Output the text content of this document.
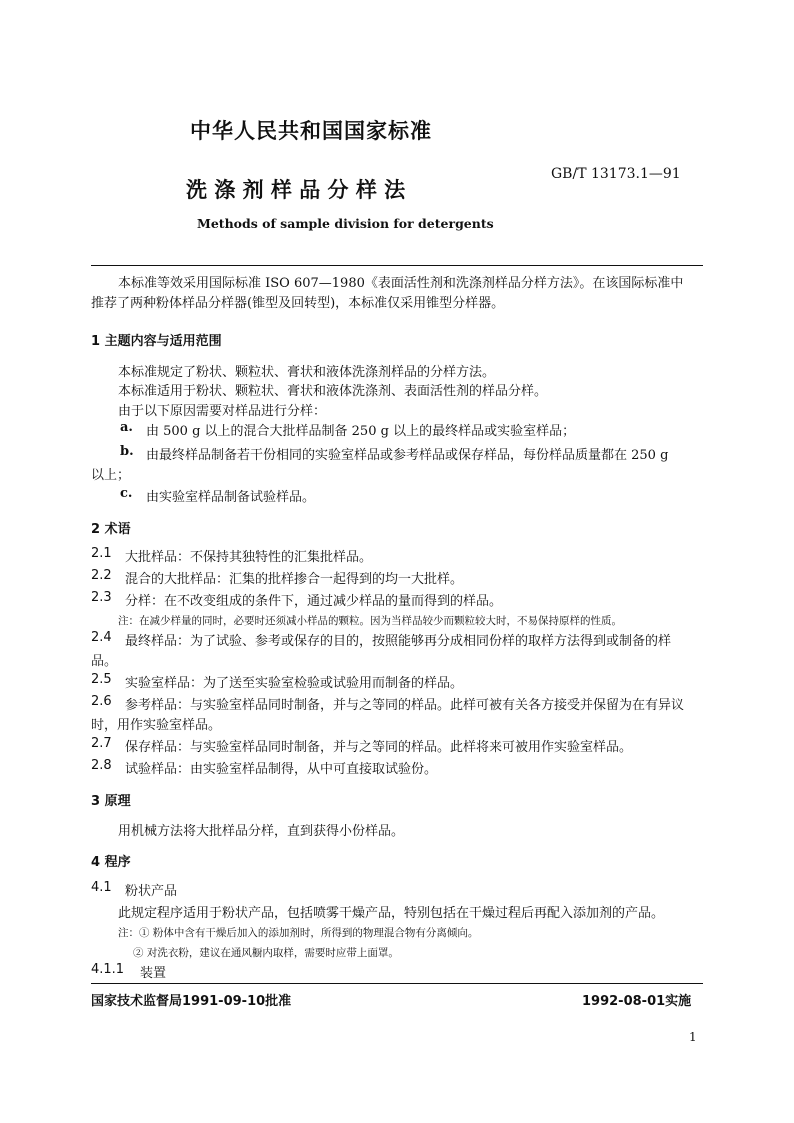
中华人民共和国国家标准
洗 涤 剂 样 品 分 样 法
GB/T 13173.1—91
Methods of sample division for detergents
本标准等效采用国际标准 ISO 607—1980《表面活性剂和洗涤剂样品分样方法》。在该国际标准中
推荐了两种粉体样品分样器(锥型及回转型)，本标准仅采用锥型分样器。
1 主题内容与适用范围
本标准规定了粉状、颗粒状、膏状和液体洗涤剂样品的分样方法。
本标准适用于粉状、颗粒状、膏状和液体洗涤剂、表面活性剂的样品分样。
由于以下原因需要对样品进行分样：
a. 由 500 g 以上的混合大批样品制备 250 g 以上的最终样品或实验室样品；
b. 由最终样品制备若干份相同的实验室样品或参考样品或保存样品，每份样品质量都在 250 g
以上；
c. 由实验室样品制备试验样品。
2 术语
2.1 大批样品：不保持其独特性的汇集批样品。
2.2 混合的大批样品：汇集的批样掺合一起得到的均一大批样。
2.3 分样：在不改变组成的条件下，通过减少样品的量而得到的样品。
注：在减少样量的同时，必要时还须减小样品的颗粒。因为当样品较少而颗粒较大时，不易保持原样的性质。
2.4 最终样品：为了试验、参考或保存的目的，按照能够再分成相同份样的取样方法得到或制备的样
品。
2.5 实验室样品：为了送至实验室检验或试验用而制备的样品。
2.6 参考样品：与实验室样品同时制备，并与之等同的样品。此样可被有关各方接受并保留为在有异议
时，用作实验室样品。
2.7 保存样品：与实验室样品同时制备，并与之等同的样品。此样将来可被用作实验室样品。
2.8 试验样品：由实验室样品制得，从中可直接取试验份。
3 原理
用机械方法将大批样品分样，直到获得小份样品。
4 程序
4.1 粉状产品
此规定程序适用于粉状产品，包括喷雾干燥产品，特别包括在干燥过程后再配入添加剂的产品。
注：① 粉体中含有干燥后加入的添加剂时，所得到的物理混合物有分离倾向。
② 对洗衣粉，建议在通风橱内取样，需要时应带上面罩。
4.1.1 装置
国家技术监督局1991-09-10批准	1992-08-01实施
1
